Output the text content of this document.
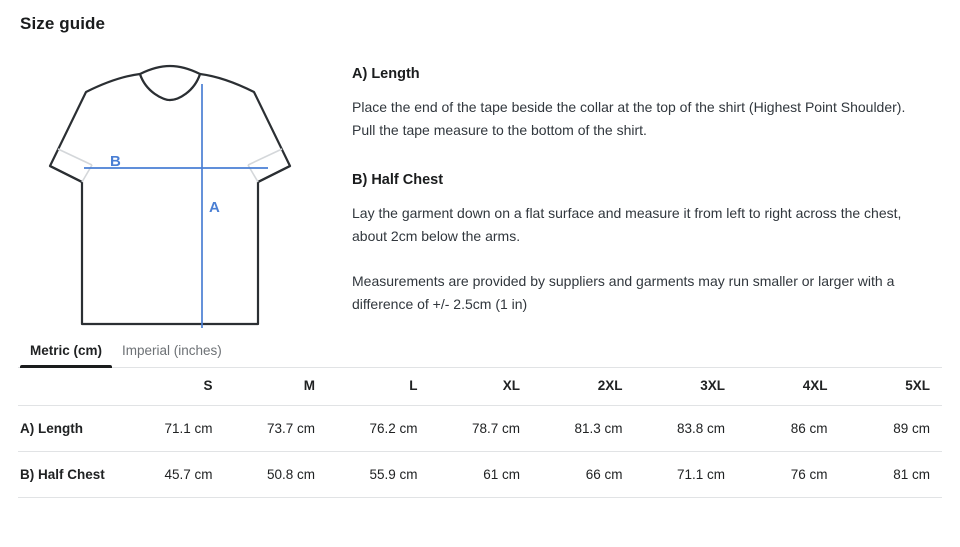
Size guide
B
A
A) Length

Place the end of the tape beside the collar at the top of the shirt (Highest Point Shoulder). Pull the tape measure to the bottom of the shirt.

B) Half Chest

Lay the garment down on a flat surface and measure it from left to right across the chest, about 2cm below the arms.

Measurements are provided by suppliers and garments may run smaller or larger with a difference of +/- 2.5cm (1 in)

Metric (cm)	Imperial (inches)
	S	M	L	XL	2XL	3XL	4XL	5XL
A) Length	71.1 cm	73.7 cm	76.2 cm	78.7 cm	81.3 cm	83.8 cm	86 cm	89 cm
B) Half Chest	45.7 cm	50.8 cm	55.9 cm	61 cm	66 cm	71.1 cm	76 cm	81 cm
